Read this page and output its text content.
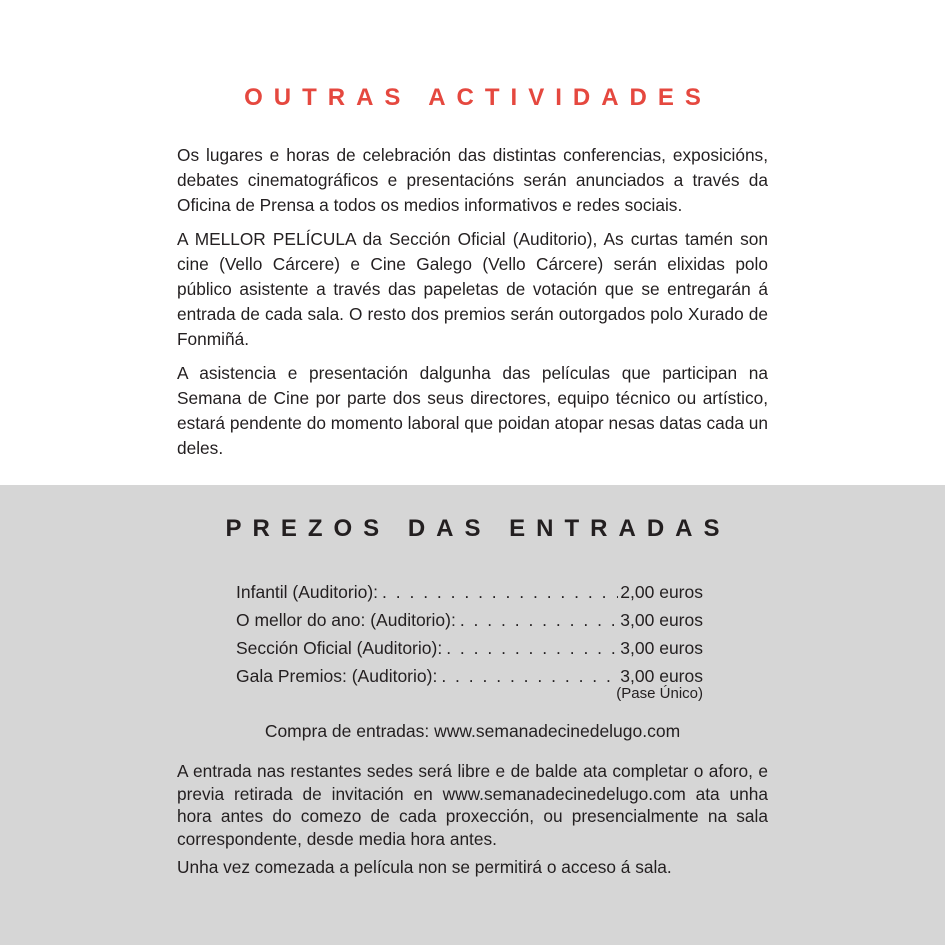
OUTRAS ACTIVIDADES

Os lugares e horas de celebración das distintas conferencias, exposicións, debates cinematográficos e presentacións serán anunciados a través da Oficina de Prensa a todos os medios informativos e redes sociais.

A MELLOR PELÍCULA da Sección Oficial (Auditorio), As curtas tamén son cine (Vello Cárcere) e Cine Galego (Vello Cárcere) serán elixidas polo público asistente a través das papeletas de votación que se entregarán á entrada de cada sala. O resto dos premios serán outorgados polo Xurado de Fonmiñá.

A asistencia e presentación dalgunha das películas que participan na Semana de Cine por parte dos seus directores, equipo técnico ou artístico, estará pendente do momento laboral que poidan atopar nesas datas cada un deles.

PREZOS DAS ENTRADAS
Infantil (Auditorio): . . .	2,00 euros
O mellor do ano: (Auditorio): . . .	3,00 euros
Sección Oficial (Auditorio): . . .	3,00 euros
Gala Premios: (Auditorio): . . .	3,00 euros
(Pase Único)
Compra de entradas: www.semanadecinedelugo.com

A entrada nas restantes sedes será libre e de balde ata completar o aforo, e previa retirada de invitación en www.semanadecinedelugo.com ata unha hora antes do comezo de cada proxección, ou presencialmente na sala correspondente, desde media hora antes.

Unha vez comezada a película non se permitirá o acceso á sala.
